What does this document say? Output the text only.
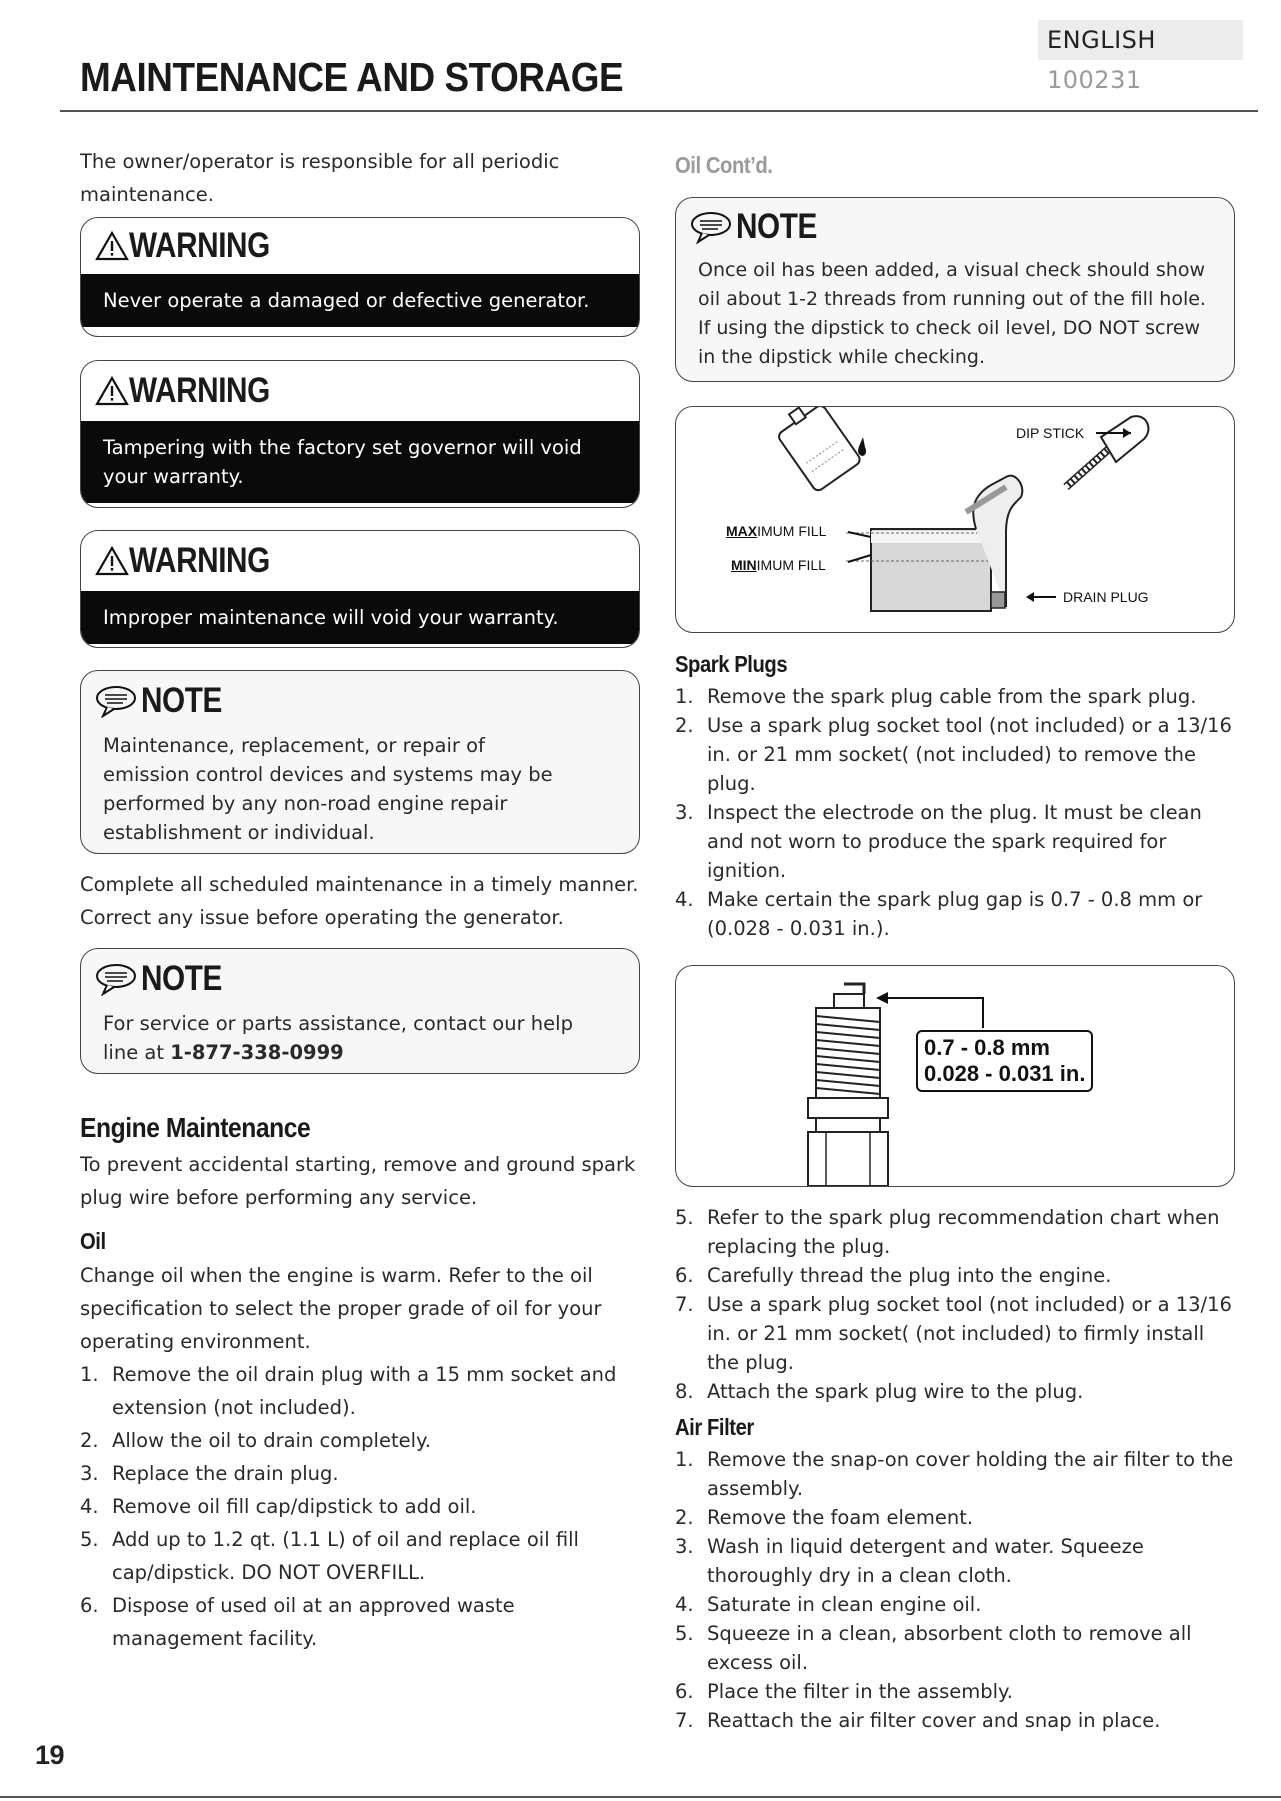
ENGLISH 100231
MAINTENANCE AND STORAGE

The owner/operator is responsible for all periodic maintenance.

WARNING
Never operate a damaged or defective generator.
WARNING
Tampering with the factory set governor will void your warranty.
WARNING
Improper maintenance will void your warranty.
NOTE
Maintenance, replacement, or repair of emission control devices and systems may be performed by any non-road engine repair establishment or individual.

Complete all scheduled maintenance in a timely manner. Correct any issue before operating the generator.

NOTE
For service or parts assistance, contact our help line at 1-877-338-0999
Engine Maintenance

To prevent accidental starting, remove and ground spark plug wire before performing any service.

Oil

Change oil when the engine is warm. Refer to the oil specification to select the proper grade of oil for your operating environment.

1. Remove the oil drain plug with a 15 mm socket and extension (not included).
2. Allow the oil to drain completely.
3. Replace the drain plug.
4. Remove oil fill cap/dipstick to add oil.
5. Add up to 1.2 qt. (1.1 L) of oil and replace oil fill cap/dipstick. DO NOT OVERFILL.
6. Dispose of used oil at an approved waste management facility.

Oil Cont’d.

NOTE
Once oil has been added, a visual check should show oil about 1-2 threads from running out of the fill hole. If using the dipstick to check oil level, DO NOT screw in the dipstick while checking.
DIP STICK
MAXIMUM FILL
MINIMUM FILL
DRAIN PLUG
Spark Plugs
1. Remove the spark plug cable from the spark plug.
2. Use a spark plug socket tool (not included) or a 13/16 in. or 21 mm socket( (not included) to remove the plug.
3. Inspect the electrode on the plug. It must be clean and not worn to produce the spark required for ignition.
4. Make certain the spark plug gap is 0.7 - 0.8 mm or (0.028 - 0.031 in.).
0.7 - 0.8 mm
0.028 - 0.031 in.
5. Refer to the spark plug recommendation chart when replacing the plug.
6. Carefully thread the plug into the engine.
7. Use a spark plug socket tool (not included) or a 13/16 in. or 21 mm socket( (not included) to firmly install the plug.
8. Attach the spark plug wire to the plug.
Air Filter
1. Remove the snap-on cover holding the air filter to the assembly.
2. Remove the foam element.
3. Wash in liquid detergent and water. Squeeze thoroughly dry in a clean cloth.
4. Saturate in clean engine oil.
5. Squeeze in a clean, absorbent cloth to remove all excess oil.
6. Place the filter in the assembly.
7. Reattach the air filter cover and snap in place.
19
